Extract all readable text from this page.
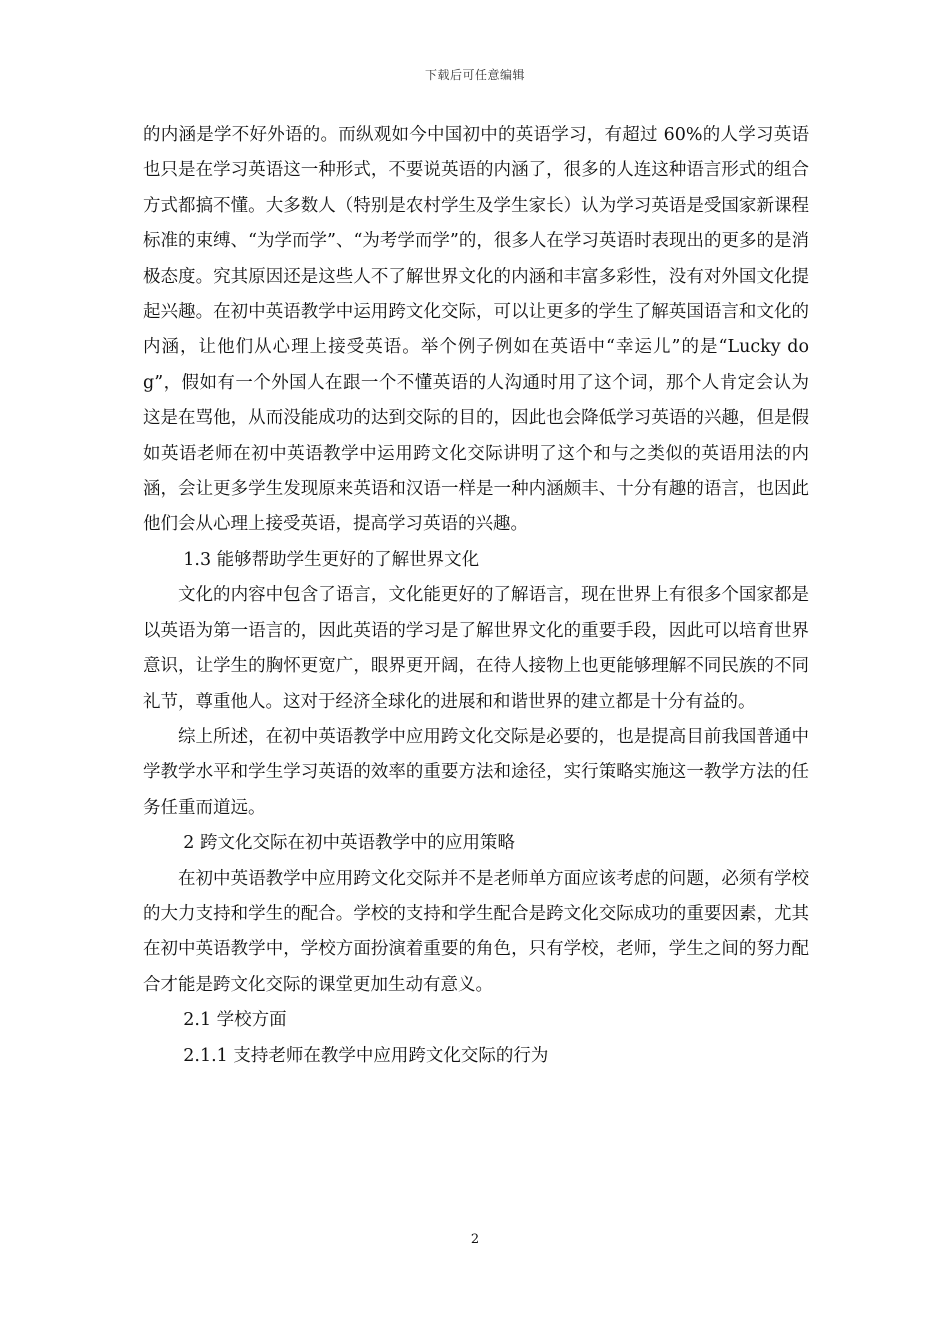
下载后可任意编辑

的内涵是学不好外语的。而纵观如今中国初中的英语学习，有超过 60%的人学习英语也只是在学习英语这一种形式，不要说英语的内涵了，很多的人连这种语言形式的组合方式都搞不懂。大多数人（特别是农村学生及学生家长）认为学习英语是受国家新课程标准的束缚、“为学而学”、“为考学而学”的，很多人在学习英语时表现出的更多的是消极态度。究其原因还是这些人不了解世界文化的内涵和丰富多彩性，没有对外国文化提起兴趣。在初中英语教学中运用跨文化交际，可以让更多的学生了解英国语言和文化的内涵，让他们从心理上接受英语。举个例子例如在英语中“幸运儿”的是“Lucky dog”，假如有一个外国人在跟一个不懂英语的人沟通时用了这个词，那个人肯定会认为这是在骂他，从而没能成功的达到交际的目的，因此也会降低学习英语的兴趣，但是假如英语老师在初中英语教学中运用跨文化交际讲明了这个和与之类似的英语用法的内涵，会让更多学生发现原来英语和汉语一样是一种内涵颇丰、十分有趣的语言，也因此他们会从心理上接受英语，提高学习英语的兴趣。

1.3 能够帮助学生更好的了解世界文化

文化的内容中包含了语言，文化能更好的了解语言，现在世界上有很多个国家都是以英语为第一语言的，因此英语的学习是了解世界文化的重要手段，因此可以培育世界意识，让学生的胸怀更宽广，眼界更开阔，在待人接物上也更能够理解不同民族的不同礼节，尊重他人。这对于经济全球化的进展和和谐世界的建立都是十分有益的。

综上所述，在初中英语教学中应用跨文化交际是必要的，也是提高目前我国普通中学教学水平和学生学习英语的效率的重要方法和途径，实行策略实施这一教学方法的任务任重而道远。

2 跨文化交际在初中英语教学中的应用策略

在初中英语教学中应用跨文化交际并不是老师单方面应该考虑的问题，必须有学校的大力支持和学生的配合。学校的支持和学生配合是跨文化交际成功的重要因素，尤其在初中英语教学中，学校方面扮演着重要的角色，只有学校，老师，学生之间的努力配合才能是跨文化交际的课堂更加生动有意义。

2.1 学校方面

2.1.1 支持老师在教学中应用跨文化交际的行为

2
